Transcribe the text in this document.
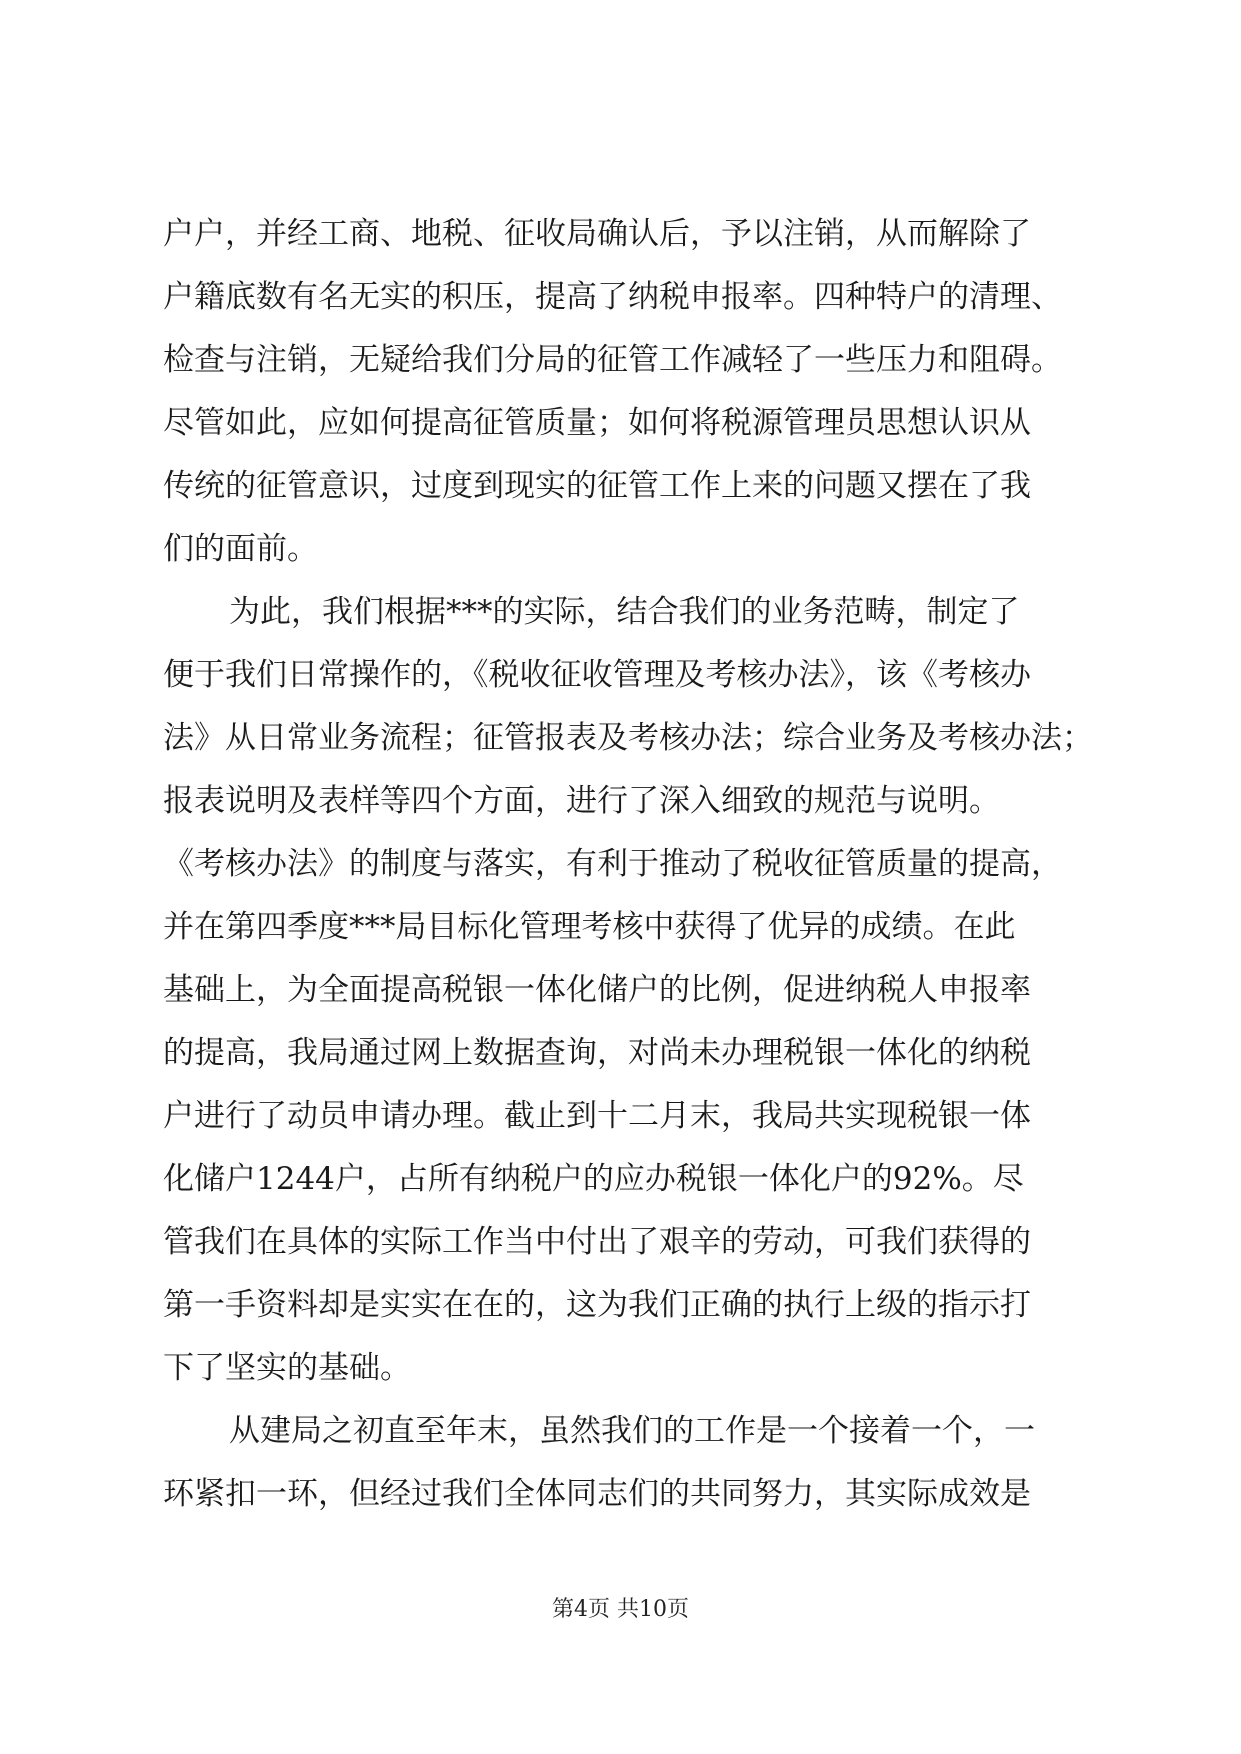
户户，并经工商、地税、征收局确认后，予以注销，从而解除了
户籍底数有名无实的积压，提高了纳税申报率。四种特户的清理、
检查与注销，无疑给我们分局的征管工作减轻了一些压力和阻碍。
尽管如此，应如何提高征管质量；如何将税源管理员思想认识从
传统的征管意识，过度到现实的征管工作上来的问题又摆在了我
们的面前。
为此，我们根据***的实际，结合我们的业务范畴，制定了
便于我们日常操作的，《税收征收管理及考核办法》，该《考核办
法》从日常业务流程；征管报表及考核办法；综合业务及考核办法；
报表说明及表样等四个方面，进行了深入细致的规范与说明。
《考核办法》的制度与落实，有利于推动了税收征管质量的提高，
并在第四季度***局目标化管理考核中获得了优异的成绩。在此
基础上，为全面提高税银一体化储户的比例，促进纳税人申报率
的提高，我局通过网上数据查询，对尚未办理税银一体化的纳税
户进行了动员申请办理。截止到十二月末，我局共实现税银一体
化储户1244户，占所有纳税户的应办税银一体化户的92%。尽
管我们在具体的实际工作当中付出了艰辛的劳动，可我们获得的
第一手资料却是实实在在的，这为我们正确的执行上级的指示打
下了坚实的基础。
从建局之初直至年末，虽然我们的工作是一个接着一个，一
环紧扣一环，但经过我们全体同志们的共同努力，其实际成效是
第4页 共10页
